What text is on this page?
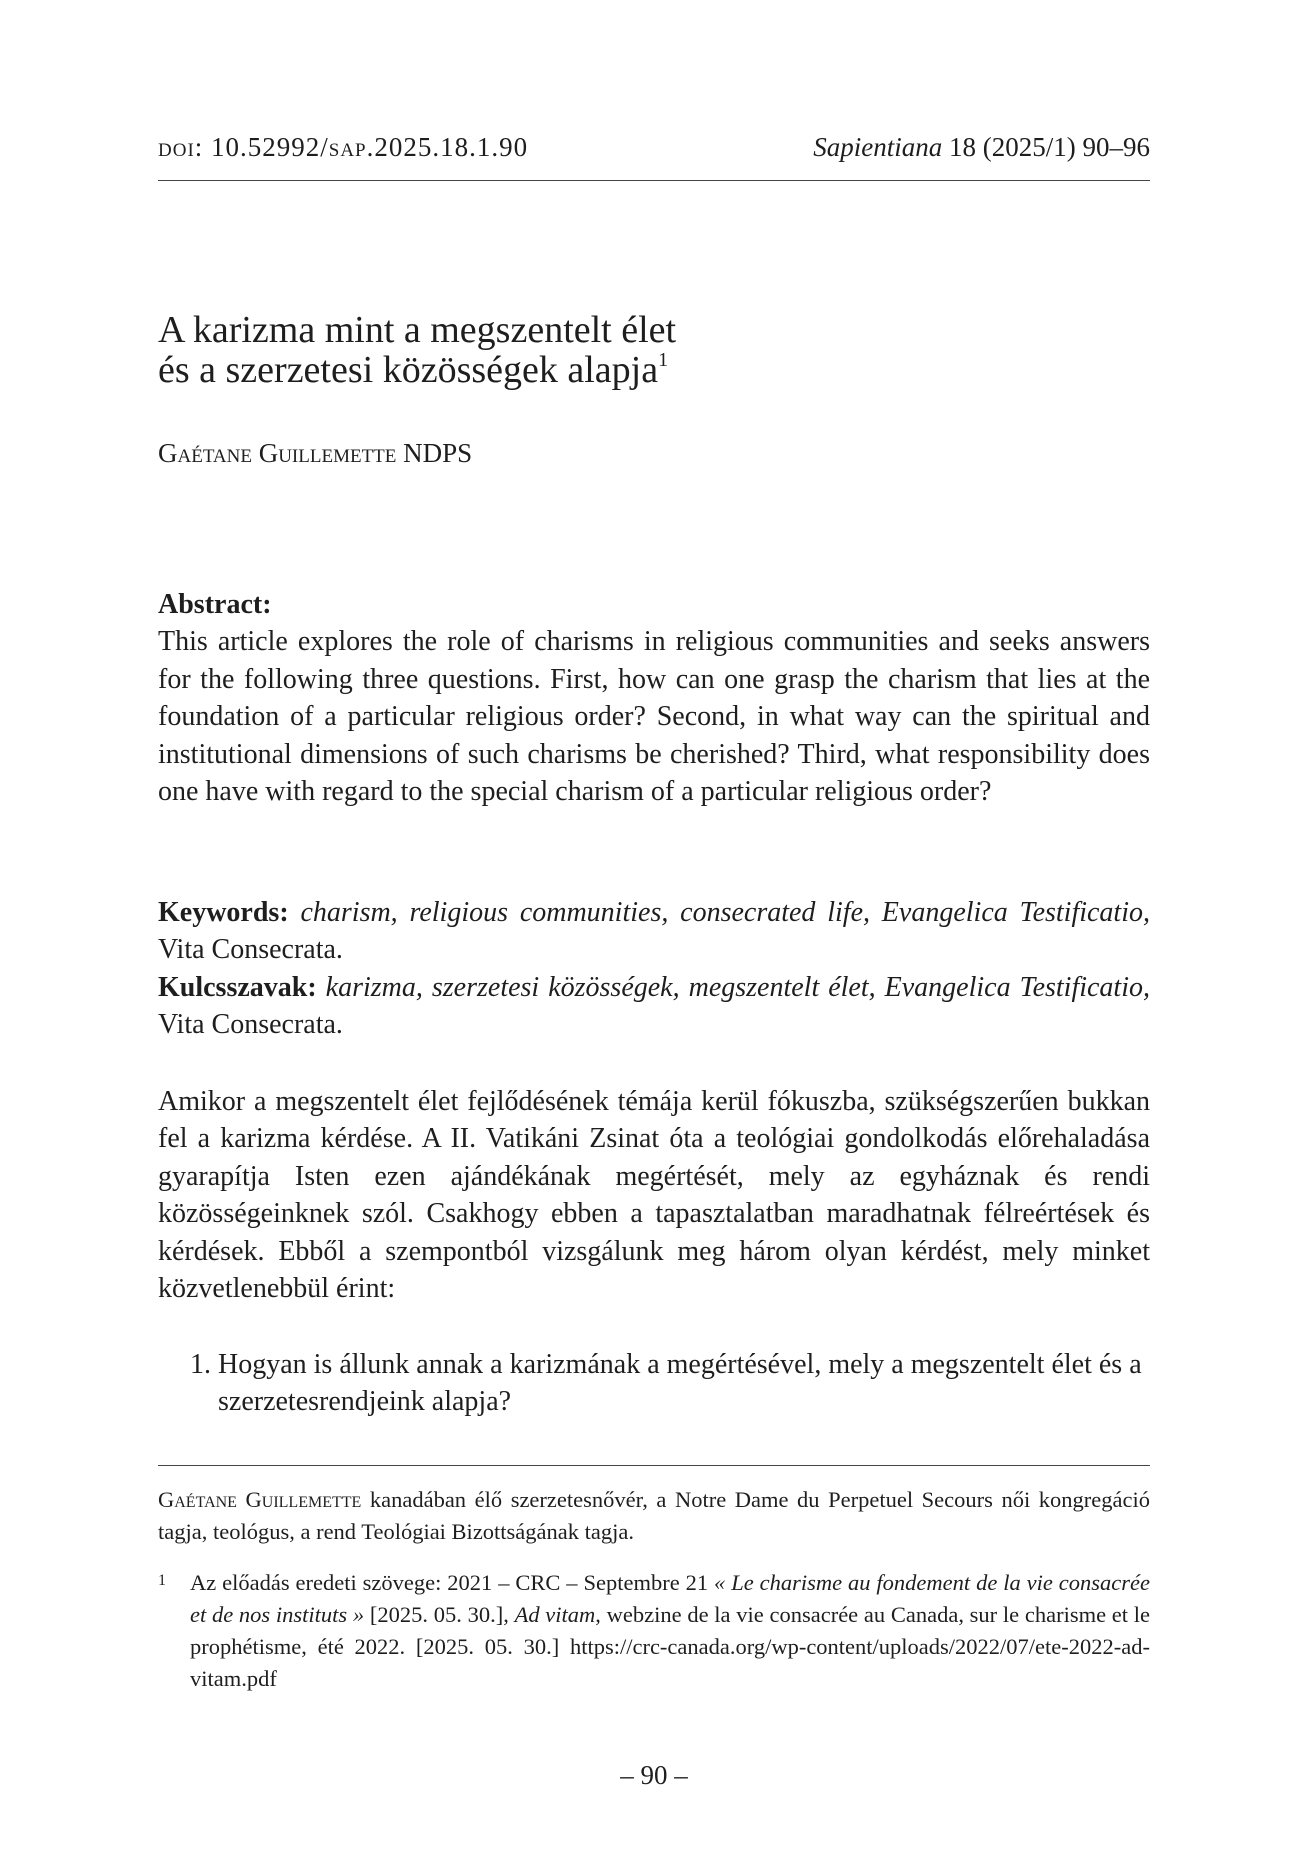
doi: 10.52992/sap.2025.18.1.90	Sapientiana 18 (2025/1) 90–96
A karizma mint a megszentelt élet
és a szerzetesi közösségek alapja$^1$
Gaétane Guillemette NDPS
Abstract:
This article explores the role of charisms in religious communities and seeks answers for the following three questions. First, how can one grasp the charism that lies at the foundation of a particular religious order? Second, in what way can the spiritual and institutional dimensions of such charisms be cherished? Third, what responsibility does one have with regard to the special charism of a particular religious order?

Keywords: charism, religious communities, consecrated life, Evangelica Testificatio, Vita Consecrata.

Kulcsszavak: karizma, szerzetesi közösségek, megszentelt élet, Evangelica Testificatio, Vita Consecrata.

Amikor a megszentelt élet fejlődésének témája kerül fókuszba, szükségszerűen bukkan fel a karizma kérdése. A II. Vatikáni Zsinat óta a teológiai gondolkodás előrehaladása gyarapítja Isten ezen ajándékának megértését, mely az egyháznak és rendi közösségeinknek szól. Csakhogy ebben a tapasztalatban maradhatnak félreértések és kérdések. Ebből a szempontból vizsgálunk meg három olyan kérdést, mely minket közvetlenebbül érint:

1. Hogyan is állunk annak a karizmának a megértésével, mely a megszentelt élet és a szerzetesrendjeink alapja?
Gaétane Guillemette kanadában élő szerzetesnővér, a Notre Dame du Perpetuel Secours női kongregáció tagja, teológus, a rend Teológiai Bizottságának tagja.
1 Az előadás eredeti szövege: 2021 – CRC – Septembre 21 « Le charisme au fondement de la vie consacrée et de nos instituts » [2025. 05. 30.], Ad vitam, webzine de la vie consacrée au Canada, sur le charisme et le prophétisme, été 2022. [2025. 05. 30.] https://crc-canada.org/wp-content/uploads/2022/07/ete-2022-ad-vitam.pdf
– 90 –
